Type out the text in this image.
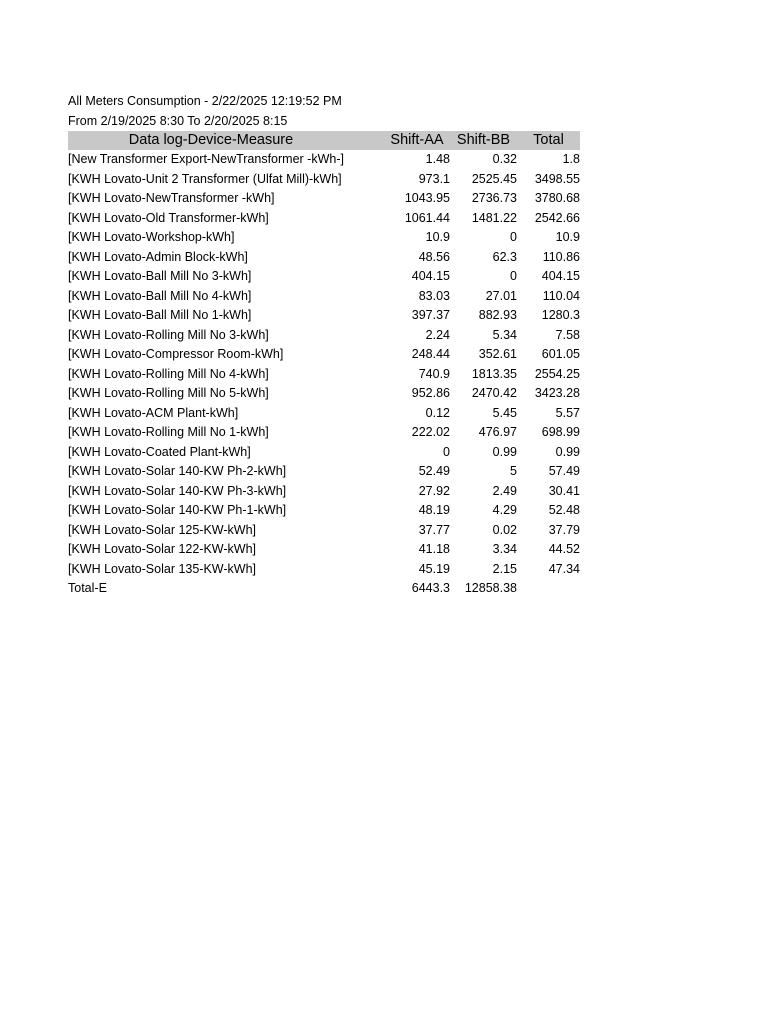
All Meters Consumption - 2/22/2025 12:19:52 PM
From 2/19/2025 8:30 To 2/20/2025 8:15
Data log-Device-Measure	Shift-AA	Shift-BB	Total
[New Transformer Export-NewTransformer -kWh-]	1.48	0.32	1.8
[KWH Lovato-Unit 2 Transformer (Ulfat Mill)-kWh]	973.1	2525.45	3498.55
[KWH Lovato-NewTransformer -kWh]	1043.95	2736.73	3780.68
[KWH Lovato-Old Transformer-kWh]	1061.44	1481.22	2542.66
[KWH Lovato-Workshop-kWh]	10.9	0	10.9
[KWH Lovato-Admin Block-kWh]	48.56	62.3	110.86
[KWH Lovato-Ball Mill No 3-kWh]	404.15	0	404.15
[KWH Lovato-Ball Mill No 4-kWh]	83.03	27.01	110.04
[KWH Lovato-Ball Mill No 1-kWh]	397.37	882.93	1280.3
[KWH Lovato-Rolling Mill No 3-kWh]	2.24	5.34	7.58
[KWH Lovato-Compressor Room-kWh]	248.44	352.61	601.05
[KWH Lovato-Rolling Mill No 4-kWh]	740.9	1813.35	2554.25
[KWH Lovato-Rolling Mill No 5-kWh]	952.86	2470.42	3423.28
[KWH Lovato-ACM Plant-kWh]	0.12	5.45	5.57
[KWH Lovato-Rolling Mill No 1-kWh]	222.02	476.97	698.99
[KWH Lovato-Coated Plant-kWh]	0	0.99	0.99
[KWH Lovato-Solar 140-KW Ph-2-kWh]	52.49	5	57.49
[KWH Lovato-Solar 140-KW Ph-3-kWh]	27.92	2.49	30.41
[KWH Lovato-Solar 140-KW Ph-1-kWh]	48.19	4.29	52.48
[KWH Lovato-Solar 125-KW-kWh]	37.77	0.02	37.79
[KWH Lovato-Solar 122-KW-kWh]	41.18	3.34	44.52
[KWH Lovato-Solar 135-KW-kWh]	45.19	2.15	47.34
Total-E	6443.3	12858.38	
